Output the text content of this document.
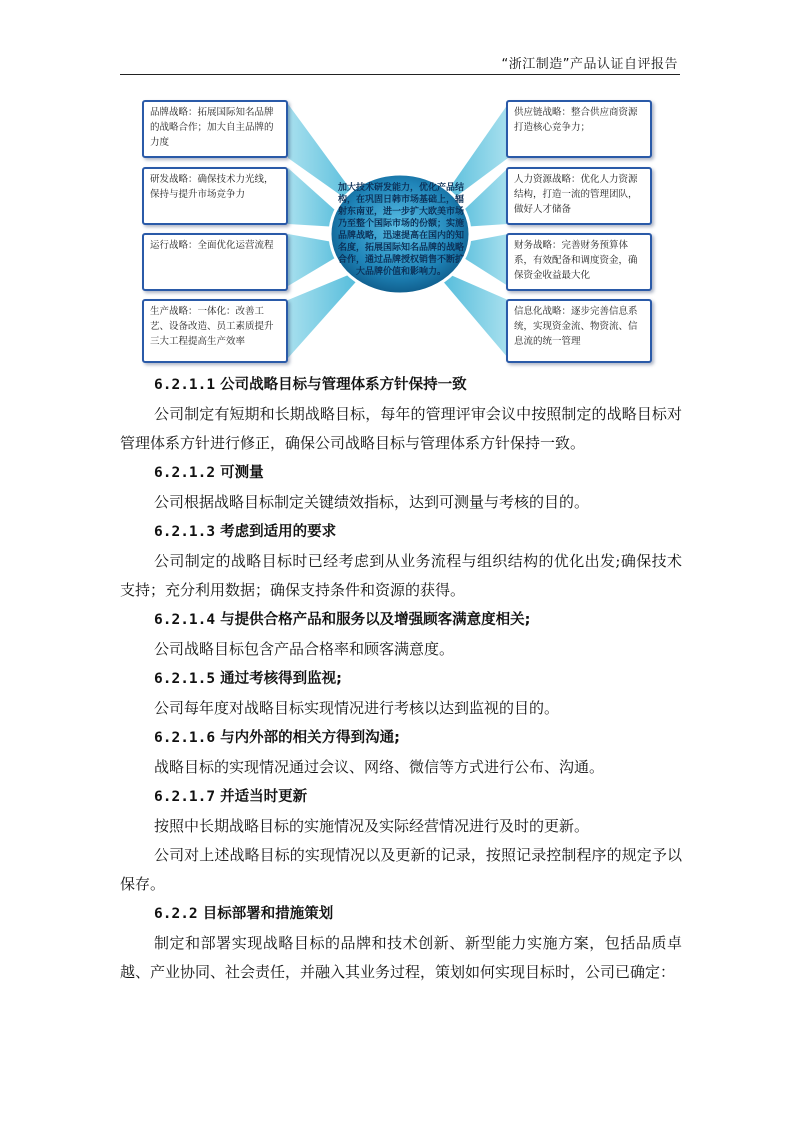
“浙江制造”产品认证自评报告
品牌战略：拓展国际知名品牌的战略合作；加大自主品牌的力度
研发战略：确保技术力光线，保持与提升市场竞争力
运行战略：全面优化运营流程
生产战略：一体化：改善工艺、设备改造、员工素质提升三大工程提高生产效率
供应链战略：整合供应商资源打造核心竞争力；
人力资源战略：优化人力资源结构，打造一流的管理团队，做好人才储备
财务战略：完善财务预算体系，有效配备和调度资金，确保资金收益最大化
信息化战略：逐步完善信息系统，实现资金流、物资流、信息流的统一管理
加大技术研发能力，优化产品结构，在巩固日韩市场基础上，辐射东南亚，进一步扩大欧美市场乃至整个国际市场的份额；实施品牌战略，迅速提高在国内的知名度，拓展国际知名品牌的战略合作，通过品牌授权销售不断扩大品牌价值和影响力。

6.2.1.1 公司战略目标与管理体系方针保持一致

公司制定有短期和长期战略目标，每年的管理评审会议中按照制定的战略目标对管理体系方针进行修正，确保公司战略目标与管理体系方针保持一致。

6.2.1.2 可测量

公司根据战略目标制定关键绩效指标，达到可测量与考核的目的。

6.2.1.3 考虑到适用的要求

公司制定的战略目标时已经考虑到从业务流程与组织结构的优化出发;确保技术支持；充分利用数据；确保支持条件和资源的获得。

6.2.1.4 与提供合格产品和服务以及增强顾客满意度相关;

公司战略目标包含产品合格率和顾客满意度。

6.2.1.5 通过考核得到监视;

公司每年度对战略目标实现情况进行考核以达到监视的目的。

6.2.1.6 与内外部的相关方得到沟通;

战略目标的实现情况通过会议、网络、微信等方式进行公布、沟通。

6.2.1.7 并适当时更新

按照中长期战略目标的实施情况及实际经营情况进行及时的更新。

公司对上述战略目标的实现情况以及更新的记录，按照记录控制程序的规定予以保存。

6.2.2 目标部署和措施策划

制定和部署实现战略目标的品牌和技术创新、新型能力实施方案，包括品质卓越、产业协同、社会责任，并融入其业务过程，策划如何实现目标时，公司已确定：
